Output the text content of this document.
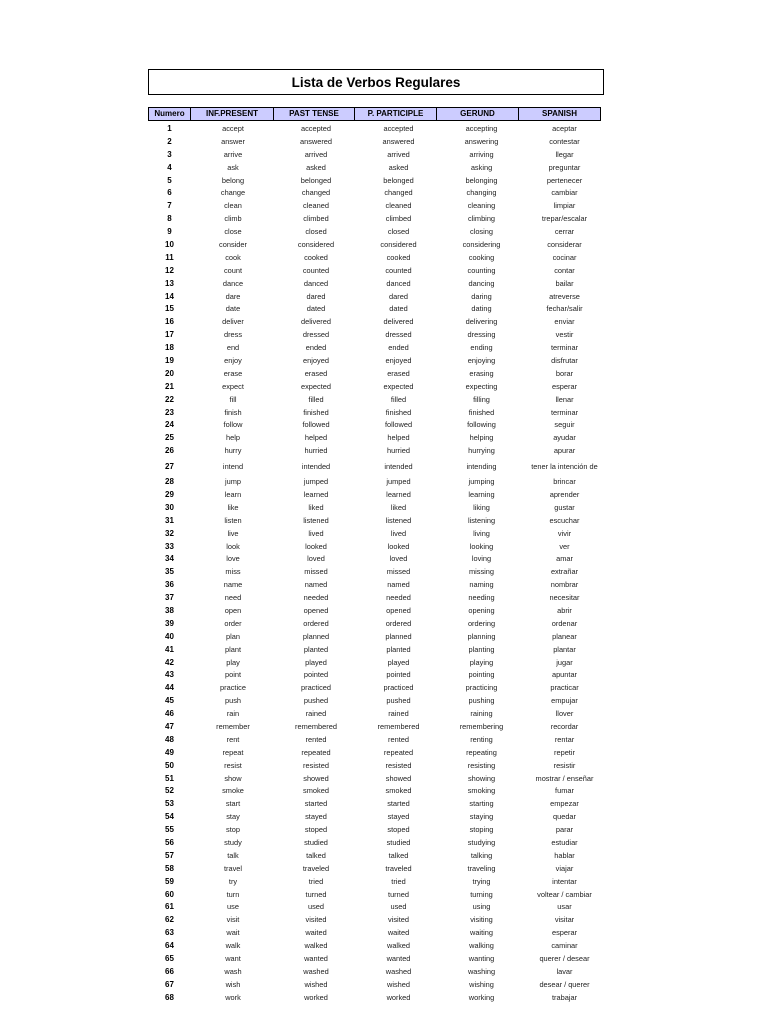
Lista de Verbos Regulares
Numero	INF.PRESENT	PAST TENSE	P. PARTICIPLE	GERUND	SPANISH
1	accept	accepted	accepted	accepting	aceptar
2	answer	answered	answered	answering	contestar
3	arrive	arrived	arrived	arriving	llegar
4	ask	asked	asked	asking	preguntar
5	belong	belonged	belonged	belonging	pertenecer
6	change	changed	changed	changing	cambiar
7	clean	cleaned	cleaned	cleaning	limpiar
8	climb	climbed	climbed	climbing	trepar/escalar
9	close	closed	closed	closing	cerrar
10	consider	considered	considered	considering	considerar
11	cook	cooked	cooked	cooking	cocinar
12	count	counted	counted	counting	contar
13	dance	danced	danced	dancing	bailar
14	dare	dared	dared	daring	atreverse
15	date	dated	dated	dating	fechar/salir
16	deliver	delivered	delivered	delivering	enviar
17	dress	dressed	dressed	dressing	vestir
18	end	ended	ended	ending	terminar
19	enjoy	enjoyed	enjoyed	enjoying	disfrutar
20	erase	erased	erased	erasing	borar
21	expect	expected	expected	expecting	esperar
22	fill	filled	filled	filling	llenar
23	finish	finished	finished	finished	terminar
24	follow	followed	followed	following	seguir
25	help	helped	helped	helping	ayudar
26	hurry	hurried	hurried	hurrying	apurar
27	intend	intended	intended	intending	tener la intención de
28	jump	jumped	jumped	jumping	brincar
29	learn	learned	learned	learning	aprender
30	like	liked	liked	liking	gustar
31	listen	listened	listened	listening	escuchar
32	live	lived	lived	living	vivir
33	look	looked	looked	looking	ver
34	love	loved	loved	loving	amar
35	miss	missed	missed	missing	extrañar
36	name	named	named	naming	nombrar
37	need	needed	needed	needing	necesitar
38	open	opened	opened	opening	abrir
39	order	ordered	ordered	ordering	ordenar
40	plan	planned	planned	planning	planear
41	plant	planted	planted	planting	plantar
42	play	played	played	playing	jugar
43	point	pointed	pointed	pointing	apuntar
44	practice	practiced	practiced	practicing	practicar
45	push	pushed	pushed	pushing	empujar
46	rain	rained	rained	raining	llover
47	remember	remembered	remembered	remembering	recordar
48	rent	rented	rented	renting	rentar
49	repeat	repeated	repeated	repeating	repetir
50	resist	resisted	resisted	resisting	resistir
51	show	showed	showed	showing	mostrar / enseñar
52	smoke	smoked	smoked	smoking	fumar
53	start	started	started	starting	empezar
54	stay	stayed	stayed	staying	quedar
55	stop	stoped	stoped	stoping	parar
56	study	studied	studied	studying	estudiar
57	talk	talked	talked	talking	hablar
58	travel	traveled	traveled	traveling	viajar
59	try	tried	tried	trying	intentar
60	turn	turned	turned	turning	voltear / cambiar
61	use	used	used	using	usar
62	visit	visited	visited	visiting	visitar
63	wait	waited	waited	waiting	esperar
64	walk	walked	walked	walking	caminar
65	want	wanted	wanted	wanting	querer / desear
66	wash	washed	washed	washing	lavar
67	wish	wished	wished	wishing	desear / querer
68	work	worked	worked	working	trabajar
